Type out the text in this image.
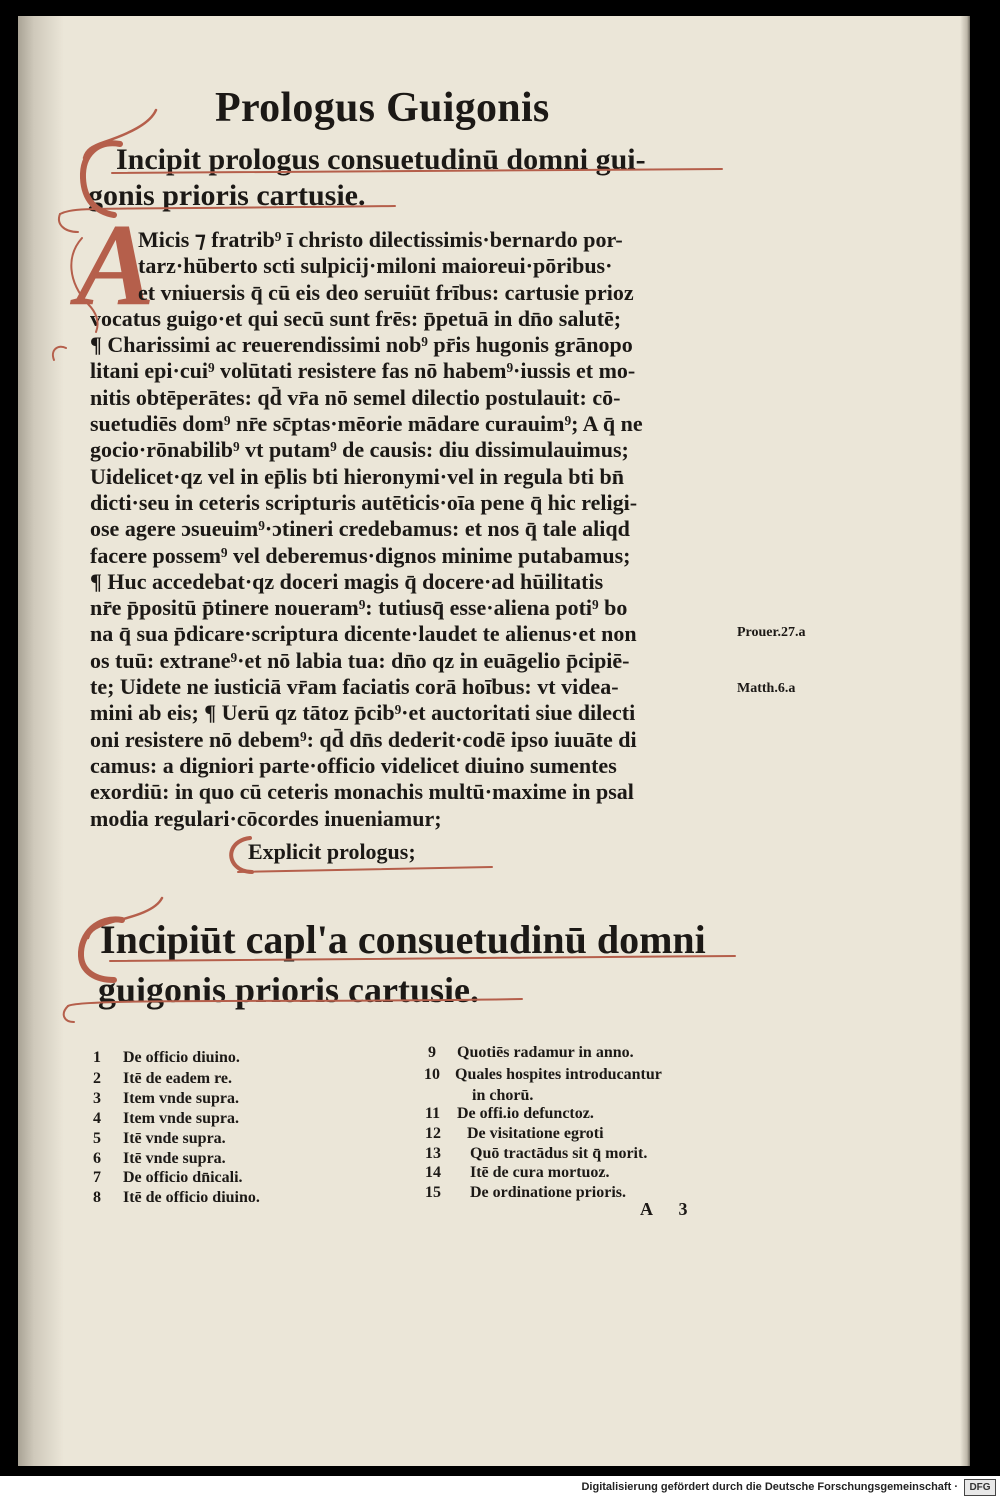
Prologus Guigonis
Incipit prologus consuetudinū domni gui-
gonis prioris cartusie.
A
Micis ⁊ fratrib⁹ ī christo dilectissimis·bernardo por-
tarz·hūberto scti sulpicij·miloni maioreui·pōribus·
et vniuersis q̄ cū eis deo seruiūt frībus: cartusie prioz
vocatus guigo·et qui secū sunt frēs: p̄petuā in dn̄o salutē;
¶ Charissimi ac reuerendissimi nob⁹ pr̄is hugonis grānopo
litani epi·cui⁹ volūtati resistere fas nō habem⁹·iussis et mo-
nitis obtēperātes: qd̄ vr̄a nō semel dilectio postulauit: cō-
suetudiēs dom⁹ nr̄e sc̄ptas·mēorie mādare curauim⁹; A q̄ ne
gocio·rōnabilib⁹ vt putam⁹ de causis: diu dissimulauimus;
Uidelicet·qz vel in ep̄lis bti hieronymi·vel in regula bti bn̄
dicti·seu in ceteris scripturis autēticis·oīa pene q̄ hic religi-
ose agere ɔsueuim⁹·ɔtineri credebamus: et nos q̄ tale aliqd
facere possem⁹ vel deberemus·dignos minime putabamus;
¶ Huc accedebat·qz doceri magis q̄ docere·ad hūilitatis
nr̄e p̄positū p̄tinere noueram⁹: tutiusq̄ esse·aliena poti⁹ bo
na q̄ sua p̄dicare·scriptura dicente·laudet te alienus·et non
os tuū: extrane⁹·et nō labia tua: dn̄o qz in euāgelio p̄cipiē-
te; Uidete ne iusticiā vr̄am faciatis corā hoībus: vt videa-
mini ab eis; ¶ Uerū qz tātoz p̄cib⁹·et auctoritati siue dilecti
oni resistere nō debem⁹: qd̄ dn̄s dederit·codē ipso iuuāte di
camus: a digniori parte·officio videlicet diuino sumentes
exordiū: in quo cū ceteris monachis multū·maxime in psal
modia regulari·cōcordes inueniamur;
Explicit prologus;
Prouer.27.a
Matth.6.a
Incipiūt capl'a consuetudinū domni
guigonis prioris cartusie.
1 De officio diuino.
2 Itē de eadem re.
3 Item vnde supra.
4 Item vnde supra.
5 Itē vnde supra.
6 Itē vnde supra.
7 De officio dn̄icali.
8 Itē de officio diuino.
9 Quotiēs radamur in anno.
10 Quales hospites introducantur
in chorū.
11 De offi.io defunctoz.
12 De visitatione egroti
13 Quō tractādus sit q̄ morit.
14 Itē de cura mortuoz.
15 De ordinatione prioris.
A 3
Digitalisierung gefördert durch die Deutsche Forschungsgemeinschaft ·	DFG
